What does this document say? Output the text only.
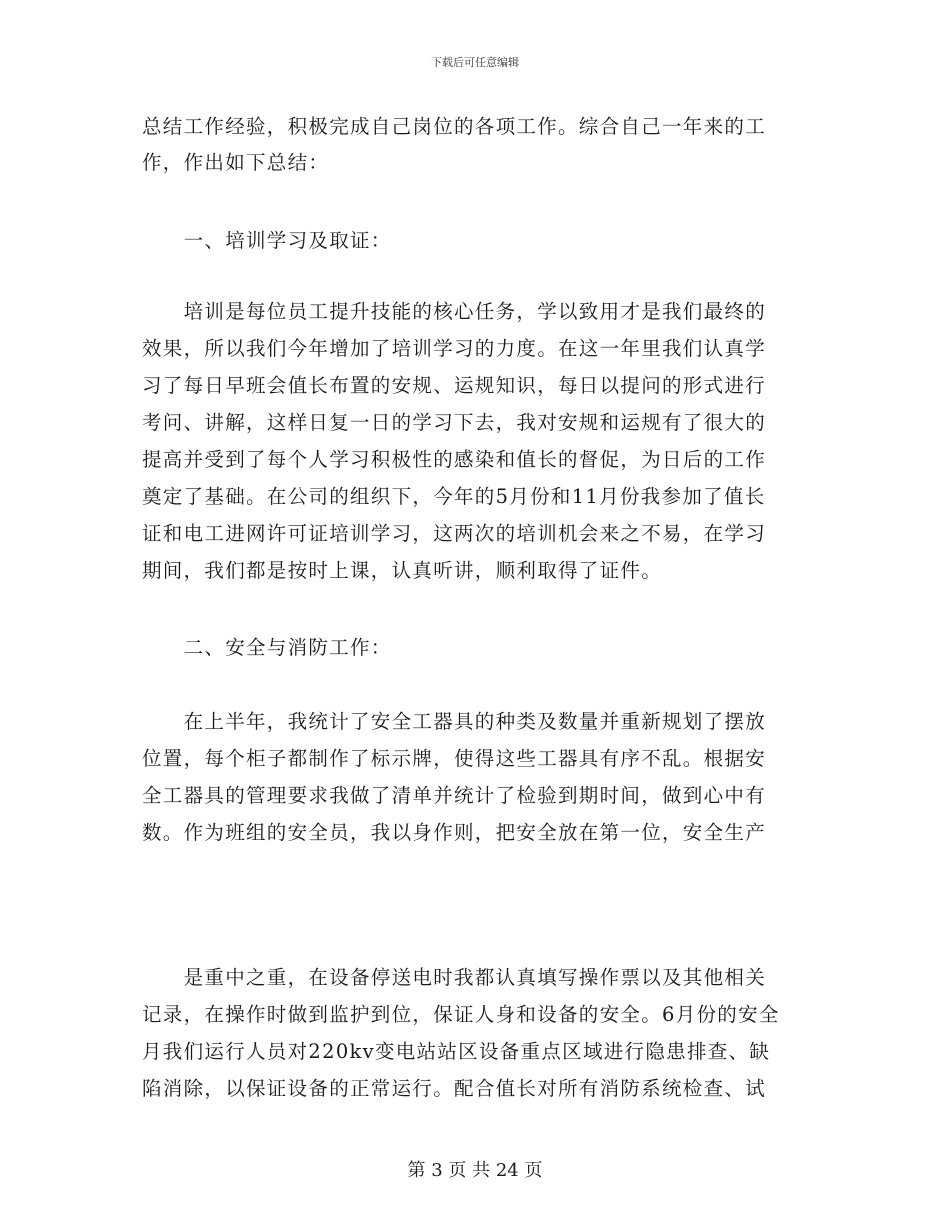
下载后可任意编辑
总结工作经验，积极完成自己岗位的各项工作。综合自己一年来的工
作，作出如下总结：
　　一、培训学习及取证：
　　培训是每位员工提升技能的核心任务，学以致用才是我们最终的
效果，所以我们今年增加了培训学习的力度。在这一年里我们认真学
习了每日早班会值长布置的安规、运规知识，每日以提问的形式进行
考问、讲解，这样日复一日的学习下去，我对安规和运规有了很大的
提高并受到了每个人学习积极性的感染和值长的督促，为日后的工作
奠定了基础。在公司的组织下，今年的5月份和11月份我参加了值长
证和电工进网许可证培训学习，这两次的培训机会来之不易，在学习
期间，我们都是按时上课，认真听讲，顺利取得了证件。
　　二、安全与消防工作：
　　在上半年，我统计了安全工器具的种类及数量并重新规划了摆放
位置，每个柜子都制作了标示牌，使得这些工器具有序不乱。根据安
全工器具的管理要求我做了清单并统计了检验到期时间，做到心中有
数。作为班组的安全员，我以身作则，把安全放在第一位，安全生产
　　是重中之重，在设备停送电时我都认真填写操作票以及其他相关
记录，在操作时做到监护到位，保证人身和设备的安全。6月份的安全
月我们运行人员对220kv变电站站区设备重点区域进行隐患排查、缺
陷消除，以保证设备的正常运行。配合值长对所有消防系统检查、试
第 3 页 共 24 页
